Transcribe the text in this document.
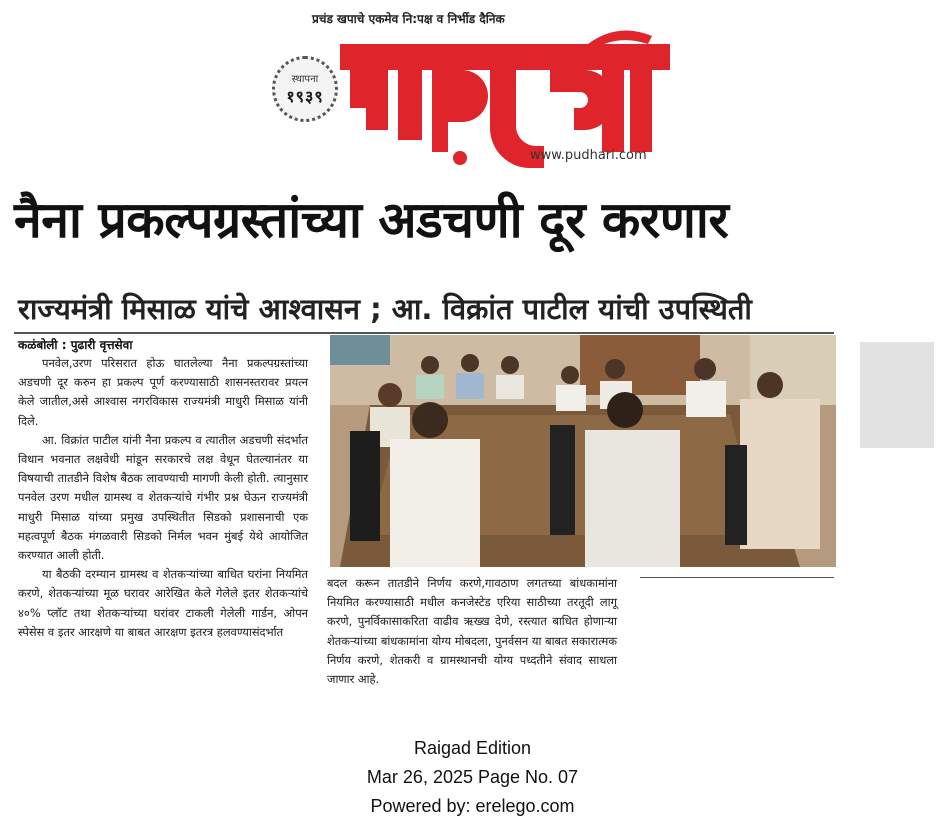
प्रचंड खपाचे एकमेव नि:पक्ष व निर्भीड दैनिक
स्थापना
१९३९
www.pudhari.com
नैना प्रकल्पग्रस्तांच्या अडचणी दूर करणार
राज्यमंत्री मिसाळ यांचे आश्वासन ; आ. विक्रांत पाटील यांची उपस्थिती
कळंबोली : पुढारी वृत्तसेवा

पनवेल,उरण परिसरात होऊ घातलेल्या नैना प्रकल्पग्रस्तांच्या अडचणी दूर करुन हा प्रकल्प पूर्ण करण्यासाठी शासनस्तरावर प्रयत्न केले जातील,असे आश्वास नगरविकास राज्यमंत्री माधुरी मिसाळ यांनी दिले.

आ. विक्रांत पाटील यांनी नैना प्रकल्प व त्यातील अडचणी संदर्भात विधान भवनात लक्षवेधी मांडून सरकारचे लक्ष वेधून घेतल्यानंतर या विषयाची तातडीने विशेष बैठक लावण्याची मागणी केली होती. त्यानुसार पनवेल उरण मधील ग्रामस्थ व शेतकऱ्यांचे गंभीर प्रश्न घेऊन राज्यमंत्री माधुरी मिसाळ यांच्या प्रमुख उपस्थितीत सिडको प्रशासनाची एक महत्वपूर्ण बैठक मंगळवारी सिडको निर्मल भवन मुंबई येथे आयोजित करण्यात आली होती.

या बैठकी दरम्यान ग्रामस्थ व शेतकऱ्यांच्या बाधित घरांना नियमित करणे, शेतकऱ्यांच्या मूळ घरावर आरेखित केले गेलेले इतर शेतकऱ्यांचे ४०% प्लॉट तथा शेतकऱ्यांच्या घरांवर टाकली गेलेली गार्डन, ओपन स्पेसेस व इतर आरक्षणे या बाबत आरक्षण इतरत्र हलवण्यासंदर्भात

बदल करून तातडीने निर्णय करणे,गावठाण लगतच्या बांधकामांना नियमित करण्यासाठी मधील कनजेस्टेड एरिया साठीच्या तरतूदी लागू करणे, पुनर्विकासाकरिता वाढीव ऋख्ख देणे, रस्त्यात बाधित होणाऱ्या शेतकऱ्यांच्या बांधकामांना योग्य मोबदला, पुनर्वसन या बाबत सकारात्मक निर्णय करणे, शेतकरी व ग्रामस्थानची योग्य पध्दतीने संवाद साधला जाणार आहे.
Raigad Edition
Mar 26, 2025 Page No. 07
Powered by: erelego.com
